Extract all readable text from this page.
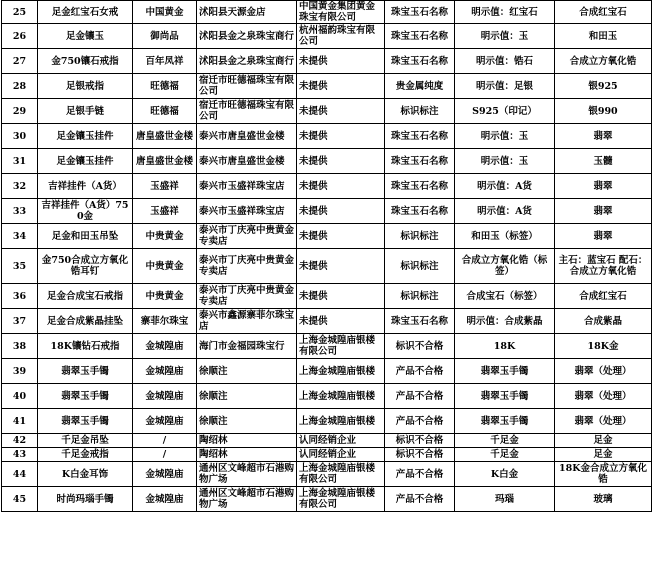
25	足金红宝石女戒	中国黄金	沭阳县天源金店	中国黄金集团黄金珠宝有限公司	珠宝玉石名称	明示值：红宝石	合成红宝石
26	足金镶玉	御尚品	沭阳县金之泉珠宝商行	杭州福韵珠宝有限公司	珠宝玉石名称	明示值：玉	和田玉
27	金750镶石戒指	百年凤祥	沭阳县金之泉珠宝商行	未提供	珠宝玉石名称	明示值：锆石	合成立方氧化锆
28	足银戒指	旺德福	宿迁市旺德福珠宝有限公司	未提供	贵金属纯度	明示值：足银	银925
29	足银手链	旺德福	宿迁市旺德福珠宝有限公司	未提供	标识标注	S925（印记）	银990
30	足金镶玉挂件	唐皇盛世金楼	泰兴市唐皇盛世金楼	未提供	珠宝玉石名称	明示值：玉	翡翠
31	足金镶玉挂件	唐皇盛世金楼	泰兴市唐皇盛世金楼	未提供	珠宝玉石名称	明示值：玉	玉髓
32	吉祥挂件（A货）	玉盛祥	泰兴市玉盛祥珠宝店	未提供	珠宝玉石名称	明示值：A货	翡翠
33	吉祥挂件（A货）750金	玉盛祥	泰兴市玉盛祥珠宝店	未提供	珠宝玉石名称	明示值：A货	翡翠
34	足金和田玉吊坠	中贵黄金	泰兴市丁庆亮中贵黄金专卖店	未提供	标识标注	和田玉（标签）	翡翠
35	金750合成立方氧化锆耳钉	中贵黄金	泰兴市丁庆亮中贵黄金专卖店	未提供	标识标注	合成立方氧化锆（标签）	主石：蓝宝石 配石：合成立方氧化锆
36	足金合成宝石戒指	中贵黄金	泰兴市丁庆亮中贵黄金专卖店	未提供	标识标注	合成宝石（标签）	合成红宝石
37	足金合成紫晶挂坠	寨菲尔珠宝	泰兴市鑫源寨菲尔珠宝店	未提供	珠宝玉石名称	明示值：合成紫晶	合成紫晶
38	18K镶钻石戒指	金城隍庙	海门市金福园珠宝行	上海金城隍庙银楼有限公司	标识不合格	18K	18K金
39	翡翠玉手镯	金城隍庙	徐顺注	上海金城隍庙银楼	产品不合格	翡翠玉手镯	翡翠（处理）
40	翡翠玉手镯	金城隍庙	徐顺注	上海金城隍庙银楼	产品不合格	翡翠玉手镯	翡翠（处理）
41	翡翠玉手镯	金城隍庙	徐顺注	上海金城隍庙银楼	产品不合格	翡翠玉手镯	翡翠（处理）
42	千足金吊坠	/	陶绍林	认同经销企业	标识不合格	千足金	足金
43	千足金戒指	/	陶绍林	认同经销企业	标识不合格	千足金	足金
44	K白金耳饰	金城隍庙	通州区文峰超市石港购物广场	上海金城隍庙银楼有限公司	产品不合格	K白金	18K金合成立方氧化锆
45	时尚玛瑙手镯	金城隍庙	通州区文峰超市石港购物广场	上海金城隍庙银楼有限公司	产品不合格	玛瑙	玻璃
